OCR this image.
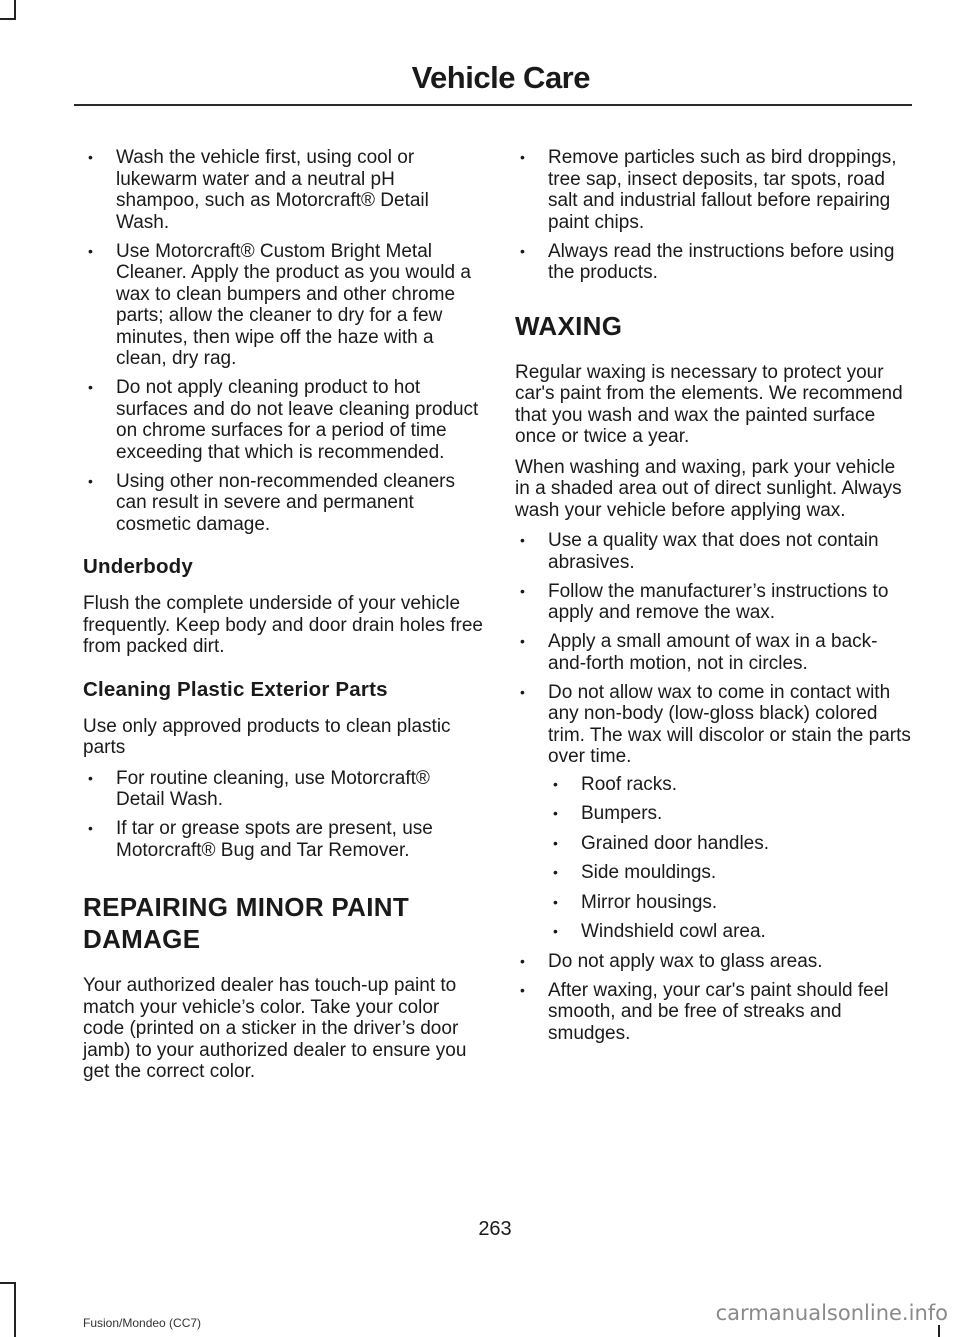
Vehicle Care
• Wash the vehicle first, using cool or lukewarm water and a neutral pH shampoo, such as Motorcraft® Detail Wash.
• Use Motorcraft® Custom Bright Metal Cleaner. Apply the product as you would a wax to clean bumpers and other chrome parts; allow the cleaner to dry for a few minutes, then wipe off the haze with a clean, dry rag.
• Do not apply cleaning product to hot surfaces and do not leave cleaning product on chrome surfaces for a period of time exceeding that which is recommended.
• Using other non-recommended cleaners can result in severe and permanent cosmetic damage.
Underbody

Flush the complete underside of your vehicle frequently. Keep body and door drain holes free from packed dirt.

Cleaning Plastic Exterior Parts

Use only approved products to clean plastic parts

• For routine cleaning, use Motorcraft® Detail Wash.
• If tar or grease spots are present, use Motorcraft® Bug and Tar Remover.
REPAIRING MINOR PAINT
DAMAGE

Your authorized dealer has touch-up paint to match your vehicle’s color. Take your color code (printed on a sticker in the driver’s door jamb) to your authorized dealer to ensure you get the correct color.

• Remove particles such as bird droppings, tree sap, insect deposits, tar spots, road salt and industrial fallout before repairing paint chips.
• Always read the instructions before using the products.
WAXING

Regular waxing is necessary to protect your car's paint from the elements. We recommend that you wash and wax the painted surface once or twice a year.

When washing and waxing, park your vehicle in a shaded area out of direct sunlight. Always wash your vehicle before applying wax.

• Use a quality wax that does not contain abrasives.
• Follow the manufacturer’s instructions to apply and remove the wax.
• Apply a small amount of wax in a back-and-forth motion, not in circles.
• Do not allow wax to come in contact with any non-body (low-gloss black) colored trim. The wax will discolor or stain the parts over time.
• Roof racks.
• Bumpers.
• Grained door handles.
• Side mouldings.
• Mirror housings.
• Windshield cowl area.
• Do not apply wax to glass areas.
• After waxing, your car's paint should feel smooth, and be free of streaks and smudges.
263
Fusion/Mondeo (CC7)	carmanualsonline.info
